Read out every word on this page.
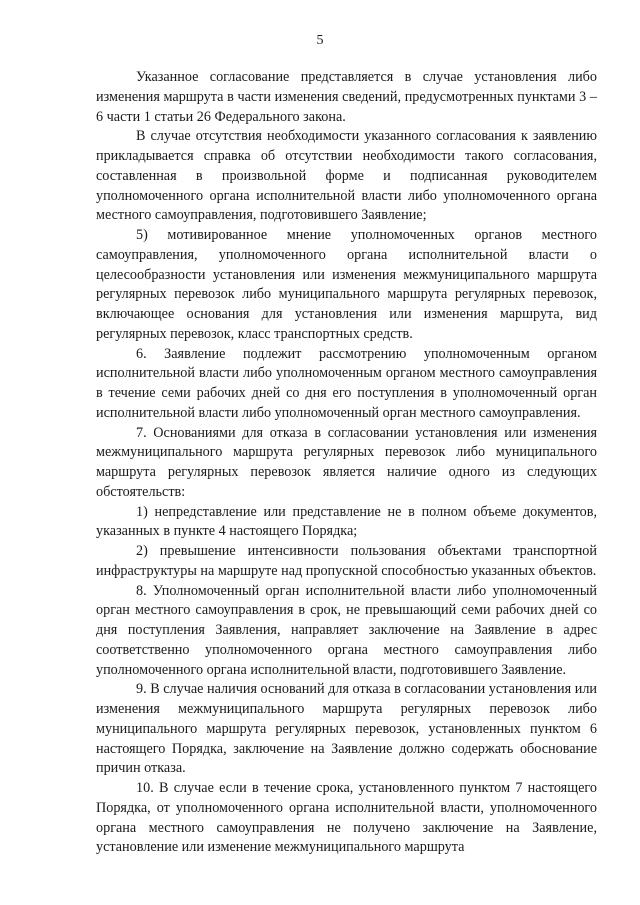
5

Указанное согласование представляется в случае установления либо изменения маршрута в части изменения сведений, предусмотренных пунктами 3 – 6 части 1 статьи 26 Федерального закона.

В случае отсутствия необходимости указанного согласования к заявлению прикладывается справка об отсутствии необходимости такого согласования, составленная в произвольной форме и подписанная руководителем уполномоченного органа исполнительной власти либо уполномоченного органа местного самоуправления, подготовившего Заявление;

5) мотивированное мнение уполномоченных органов местного самоуправления, уполномоченного органа исполнительной власти о целесообразности установления или изменения межмуниципального маршрута регулярных перевозок либо муниципального маршрута регулярных перевозок, включающее основания для установления или изменения маршрута, вид регулярных перевозок, класс транспортных средств.

6. Заявление подлежит рассмотрению уполномоченным органом исполнительной власти либо уполномоченным органом местного самоуправления в течение семи рабочих дней со дня его поступления в уполномоченный орган исполнительной власти либо уполномоченный орган местного самоуправления.

7. Основаниями для отказа в согласовании установления или изменения межмуниципального маршрута регулярных перевозок либо муниципального маршрута регулярных перевозок является наличие одного из следующих обстоятельств:

1) непредставление или представление не в полном объеме документов, указанных в пункте 4 настоящего Порядка;

2) превышение интенсивности пользования объектами транспортной инфраструктуры на маршруте над пропускной способностью указанных объектов.

8. Уполномоченный орган исполнительной власти либо уполномоченный орган местного самоуправления в срок, не превышающий семи рабочих дней со дня поступления Заявления, направляет заключение на Заявление в адрес соответственно уполномоченного органа местного самоуправления либо уполномоченного органа исполнительной власти, подготовившего Заявление.

9. В случае наличия оснований для отказа в согласовании установления или изменения межмуниципального маршрута регулярных перевозок либо муниципального маршрута регулярных перевозок, установленных пунктом 6 настоящего Порядка, заключение на Заявление должно содержать обоснование причин отказа.

10. В случае если в течение срока, установленного пунктом 7 настоящего Порядка, от уполномоченного органа исполнительной власти, уполномоченного органа местного самоуправления не получено заключение на Заявление, установление или изменение межмуниципального маршрута
